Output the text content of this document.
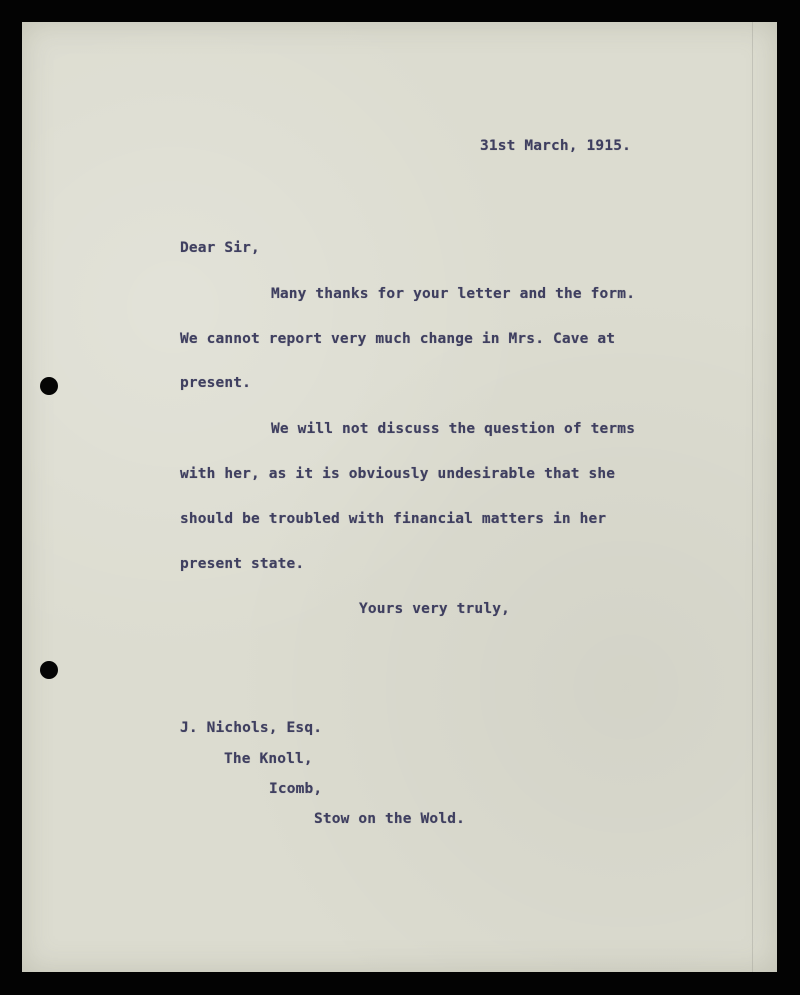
31st March, 1915.

Dear Sir,

Many thanks for your letter and the form.

We cannot report very much change in Mrs. Cave at

present.

We will not discuss the question of terms

with her, as it is obviously undesirable that she

should be troubled with financial matters in her

present state.

Yours very truly,

J. Nichols, Esq.

The Knoll,

Icomb,

Stow on the Wold.
